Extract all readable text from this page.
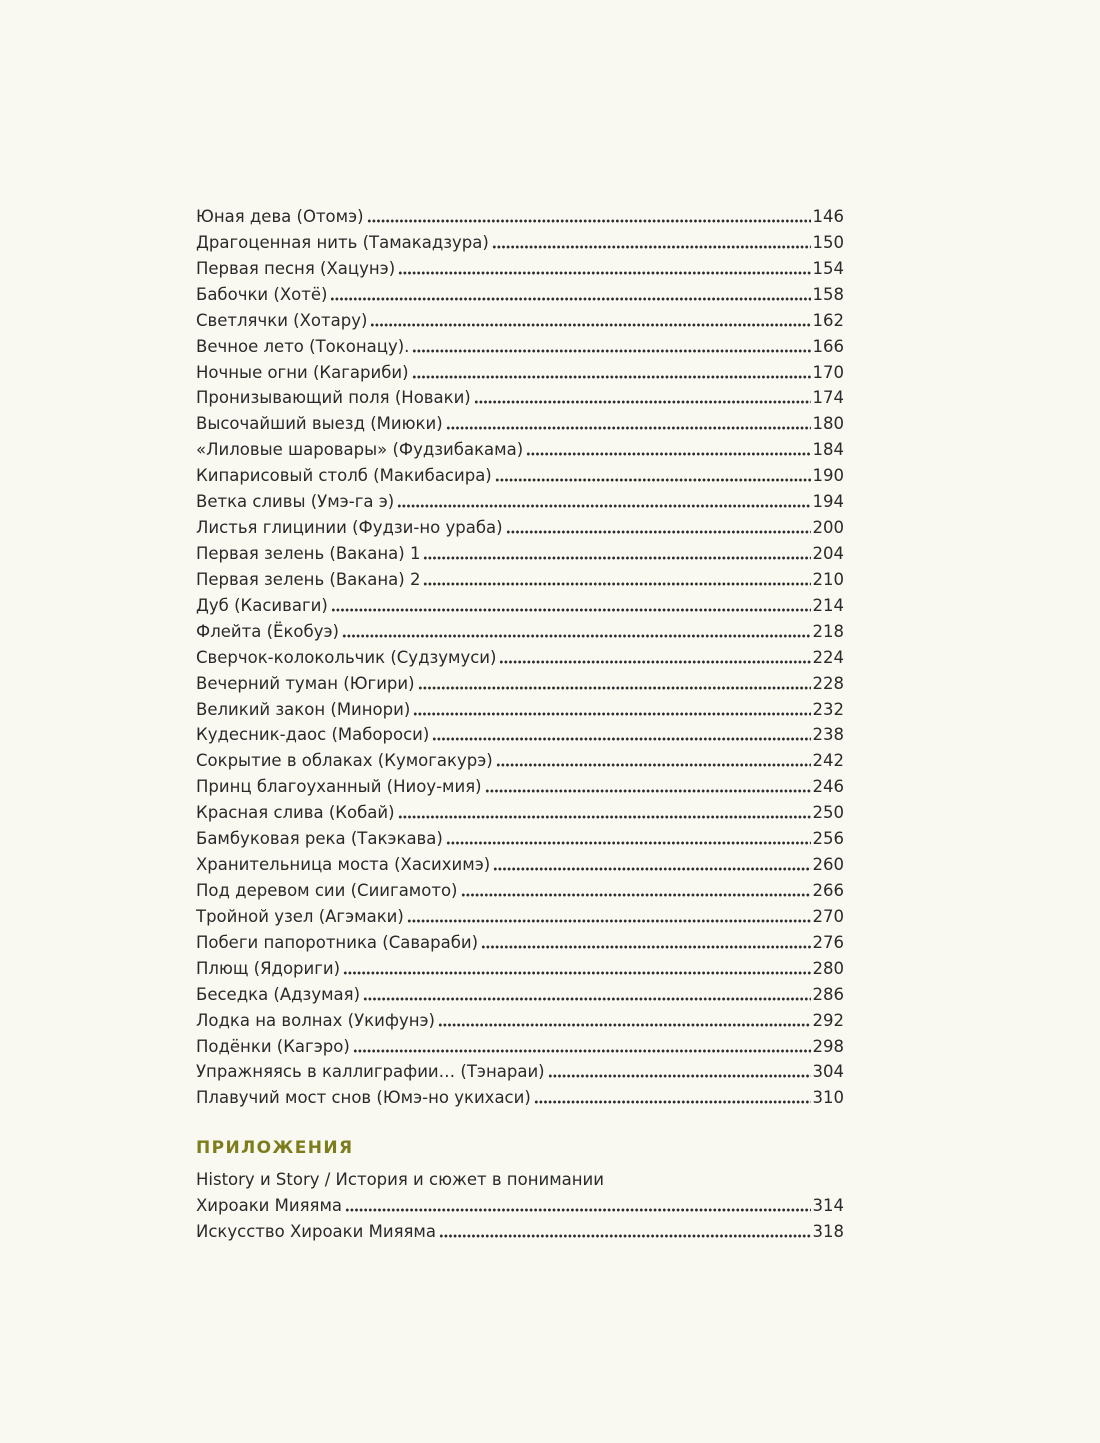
Юная дева (Отомэ)	146
Драгоценная нить (Тамакадзура)	150
Первая песня (Хацунэ)	154
Бабочки (Хотё)	158
Светлячки (Хотару)	162
Вечное лето (Токонацу).	166
Ночные огни (Кагариби)	170
Пронизывающий поля (Новаки)	174
Высочайший выезд (Миюки)	180
«Лиловые шаровары» (Фудзибакама)	184
Кипарисовый столб (Макибасира)	190
Ветка сливы (Умэ-га э)	194
Листья глицинии (Фудзи-но ураба)	200
Первая зелень (Вакана) 1	204
Первая зелень (Вакана) 2	210
Дуб (Касиваги)	214
Флейта (Ёкобуэ)	218
Сверчок-колокольчик (Судзумуси)	224
Вечерний туман (Югири)	228
Великий закон (Минори)	232
Кудесник-даос (Мабороси)	238
Сокрытие в облаках (Кумогакурэ)	242
Принц благоуханный (Ниоу-мия)	246
Красная слива (Кобай)	250
Бамбуковая река (Такэкава)	256
Хранительница моста (Хасихимэ)	260
Под деревом сии (Сиигамото)	266
Тройной узел (Агэмаки)	270
Побеги папоротника (Савараби)	276
Плющ (Ядориги)	280
Беседка (Адзумая)	286
Лодка на волнах (Укифунэ)	292
Подёнки (Кагэро)	298
Упражняясь в каллиграфии… (Тэнараи)	304
Плавучий мост снов (Юмэ-но укихаси)	310
ПРИЛОЖЕНИЯ
History и Story / История и сюжет в понимании
Хироаки Мияяма	314
Искусство Хироаки Мияяма	318
